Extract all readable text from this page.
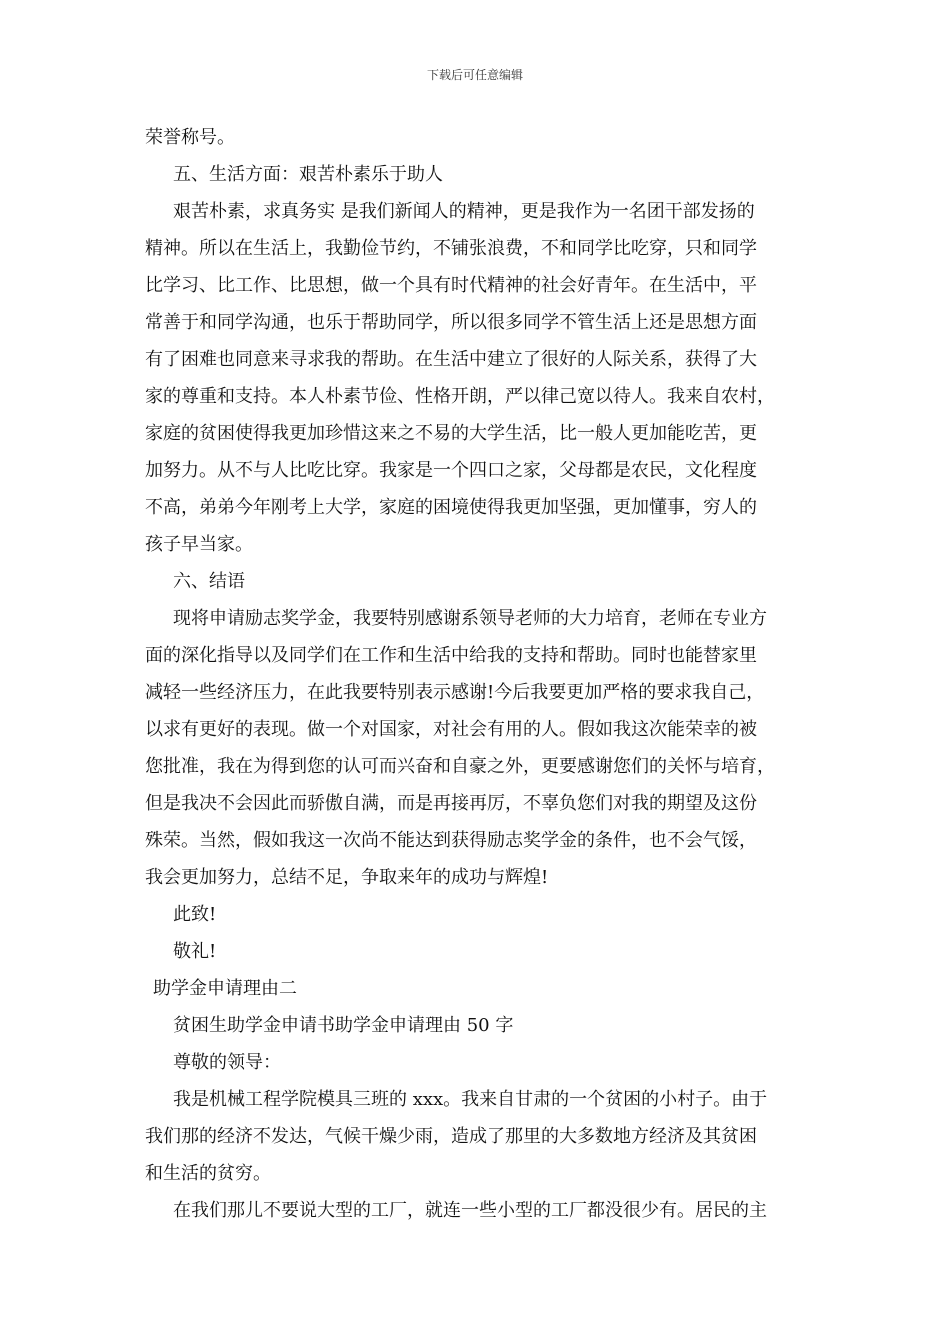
下载后可任意编辑
荣誉称号。
五、生活方面：艰苦朴素乐于助人
艰苦朴素，求真务实 是我们新闻人的精神，更是我作为一名团干部发扬的
精神。所以在生活上，我勤俭节约，不铺张浪费，不和同学比吃穿，只和同学
比学习、比工作、比思想，做一个具有时代精神的社会好青年。在生活中，平
常善于和同学沟通，也乐于帮助同学，所以很多同学不管生活上还是思想方面
有了困难也同意来寻求我的帮助。在生活中建立了很好的人际关系，获得了大
家的尊重和支持。本人朴素节俭、性格开朗，严以律己宽以待人。我来自农村，
家庭的贫困使得我更加珍惜这来之不易的大学生活，比一般人更加能吃苦，更
加努力。从不与人比吃比穿。我家是一个四口之家，父母都是农民，文化程度
不高，弟弟今年刚考上大学，家庭的困境使得我更加坚强，更加懂事，穷人的
孩子早当家。
六、结语
现将申请励志奖学金，我要特别感谢系领导老师的大力培育，老师在专业方
面的深化指导以及同学们在工作和生活中给我的支持和帮助。同时也能替家里
减轻一些经济压力，在此我要特别表示感谢!今后我要更加严格的要求我自己，
以求有更好的表现。做一个对国家，对社会有用的人。假如我这次能荣幸的被
您批准，我在为得到您的认可而兴奋和自豪之外，更要感谢您们的关怀与培育，
但是我决不会因此而骄傲自满，而是再接再厉，不辜负您们对我的期望及这份
殊荣。当然，假如我这一次尚不能达到获得励志奖学金的条件，也不会气馁，
我会更加努力，总结不足，争取来年的成功与辉煌!
此致!
敬礼!
助学金申请理由二
贫困生助学金申请书助学金申请理由 50 字
尊敬的领导：
我是机械工程学院模具三班的 xxx。我来自甘肃的一个贫困的小村子。由于
我们那的经济不发达，气候干燥少雨，造成了那里的大多数地方经济及其贫困
和生活的贫穷。
在我们那儿不要说大型的工厂，就连一些小型的工厂都没很少有。居民的主
